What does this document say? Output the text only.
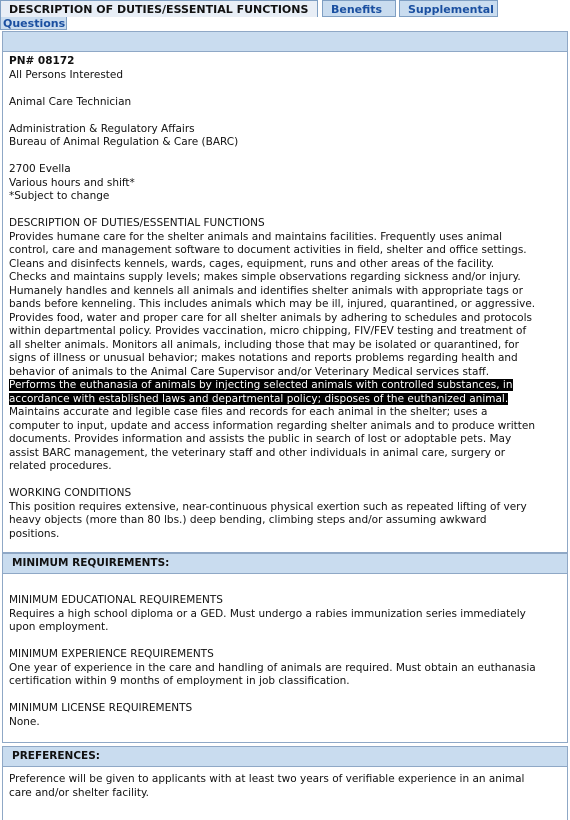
DESCRIPTION OF DUTIES/ESSENTIAL FUNCTIONS	Benefits	Supplemental
Questions
PN# 08172
All Persons Interested
Animal Care Technician
Administration & Regulatory Affairs
Bureau of Animal Regulation & Care (BARC)
2700 Evella
Various hours and shift*
*Subject to change
DESCRIPTION OF DUTIES/ESSENTIAL FUNCTIONS
Provides humane care for the shelter animals and maintains facilities. Frequently uses animal
control, care and management software to document activities in field, shelter and office settings.
Cleans and disinfects kennels, wards, cages, equipment, runs and other areas of the facility.
Checks and maintains supply levels; makes simple observations regarding sickness and/or injury.
Humanely handles and kennels all animals and identifies shelter animals with appropriate tags or
bands before kenneling. This includes animals which may be ill, injured, quarantined, or aggressive.
Provides food, water and proper care for all shelter animals by adhering to schedules and protocols
within departmental policy. Provides vaccination, micro chipping, FIV/FEV testing and treatment of
all shelter animals. Monitors all animals, including those that may be isolated or quarantined, for
signs of illness or unusual behavior; makes notations and reports problems regarding health and
behavior of animals to the Animal Care Supervisor and/or Veterinary Medical services staff.
Performs the euthanasia of animals by injecting selected animals with controlled substances, in
accordance with established laws and departmental policy; disposes of the euthanized animal.
Maintains accurate and legible case files and records for each animal in the shelter; uses a
computer to input, update and access information regarding shelter animals and to produce written
documents. Provides information and assists the public in search of lost or adoptable pets. May
assist BARC management, the veterinary staff and other individuals in animal care, surgery or
related procedures.
WORKING CONDITIONS
This position requires extensive, near-continuous physical exertion such as repeated lifting of very
heavy objects (more than 80 lbs.) deep bending, climbing steps and/or assuming awkward
positions.
MINIMUM REQUIREMENTS:
MINIMUM EDUCATIONAL REQUIREMENTS
Requires a high school diploma or a GED. Must undergo a rabies immunization series immediately
upon employment.
MINIMUM EXPERIENCE REQUIREMENTS
One year of experience in the care and handling of animals are required. Must obtain an euthanasia
certification within 9 months of employment in job classification.
MINIMUM LICENSE REQUIREMENTS
None.
PREFERENCES:
Preference will be given to applicants with at least two years of verifiable experience in an animal
care and/or shelter facility.
